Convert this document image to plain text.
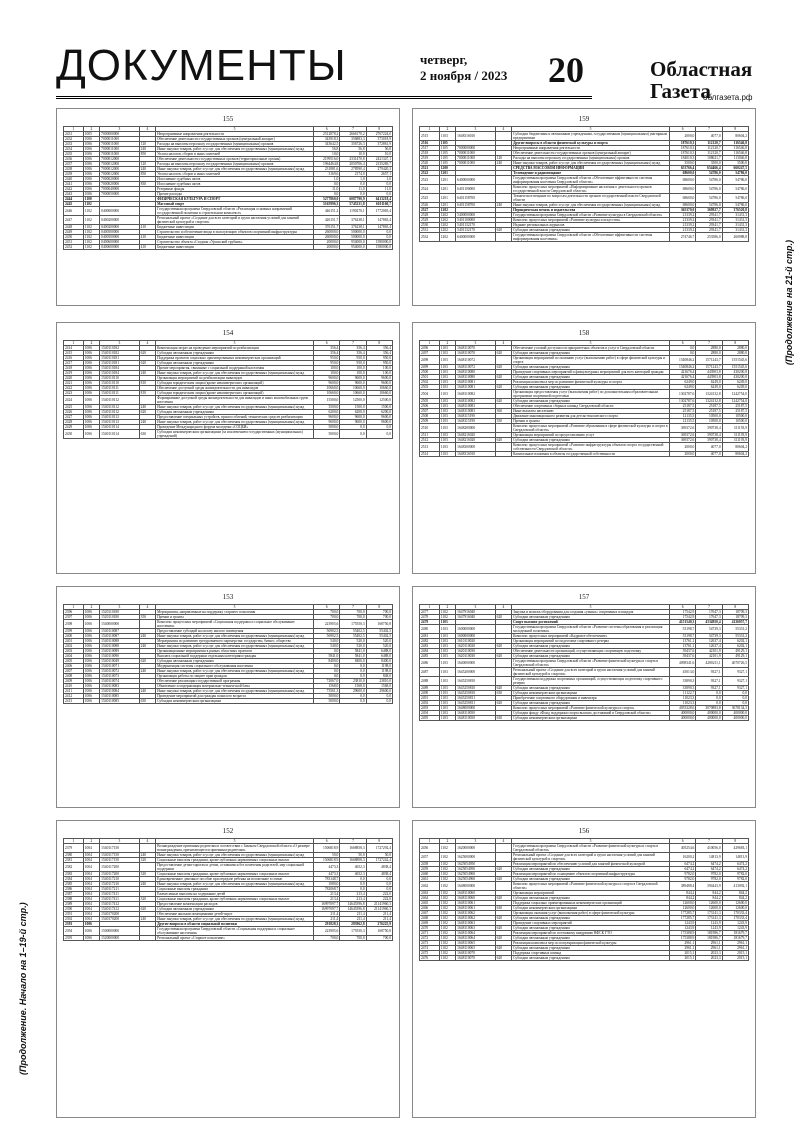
ДОКУМЕНТЫ	четверг,
2 ноября / 2023 20	Областная
Газета
облгазета.рф
(Продолжение на 21-й стр.)
(Продолжение. Начало на 1–19-й стр.)
155
1	2	3	4	5	6	7	8
2431	1005	7000000000		Непрограммные направления деятельности	2512878,2	2666170,2	2767224,0
2432	1006	7000011000		Обеспечение деятельности государственных органов (центральный аппарат)	343918,3	356883,3	373018,9
2433	1006	7000011000	120	Расходы на выплаты персоналу государственных (муниципальных) органов	343642,5	356726,3	372861,9
2434	1006	7000011000	240	Иные закупки товаров, работ и услуг для обеспечения государственных (муниципальных) нужд	56,8	56,8	56,8
2435	1006	7000011000	850	Уплата налогов, сборов и иных платежей	10,0	10,0	10,0
2436	1006	7000012000		Обеспечение деятельности государственных органов (территориальные органы)	2199516,0	2331470,8	2421347,1
2437	1006	7000012000	120	Расходы на выплаты персоналу государственных (муниципальных) органов	1964464,8	2050706,4	2135269,7
2438	1006	7000012000	240	Иные закупки товаров, работ и услуг для обеспечения государственных (муниципальных) нужд	231881,6	278590,4	279420,3
2439	1006	7000012000	850	Уплата налогов, сборов и иных платежей	3169,6	2174,0	2657,1
2440	1006	7000020000		Исполнение судебных актов	1,0	1,0	1,0
2441	1006	7000020000	830	Исполнение судебных актов	0,0	0,0	0,0
2442	1006	7000040000		Резервные фонды	11,0	11,0	11,0
2443	1006	7000050000		Прочие расходы	0,0	0,0	0,0
2444	1100			ФИЗИЧЕСКАЯ КУЛЬТУРА И СПОРТ	5277860,0	6087790,9	6413218,4
2445	1102			Массовый спорт	5165996,3	5745231,8	6101160,7
2446	1102	0400000000		Государственная программа Свердловской области «Реализация основных направлений государственной политики в строительном комплексе»	446151,2	1190270,1	1772065,4
2447	1102	0400200000		Региональный проект «Создание для всех категорий и групп населения условий для занятий физической культурой и спортом»	426151,7	376238,1	147865,4
2448	1102	0400200000	410	Бюджетные инвестиции	376151,7	376238,1	147865,4
2449	1102	0400500000		Строительство и обеспечение ввода в эксплуатацию объектов спортивной инфраструктуры	260000,0	500000,0	0,0
2450	1102	0400500000	410	Бюджетные инвестиции	260000,0	500000,0	0,0
2451	1102	0400600000		Строительство объекта «Стадион «Уральский трубник»	20000,0	954000,0	1580000,0
2452	1102	0400600000	410	Бюджетные инвестиции	20000,0	954000,0	1580000,0
159
1	2	3	4	5	6	7	8
2515	1103	1648316010		Субсидии бюджетным и автономным учреждениям, государственным (муниципальным) унитарным предприятиям	2000,0	4077,0	80604,2
2516	1105			Другие вопросы в области физической культуры и спорта	187610,3	112120,7	116546,8
2517	1105	7000000000		Непрограммные направления деятельности	187610,3	112120,7	116546,8
2518	1105	7000011000		Обеспечение деятельности государственных органов (центральный аппарат)	187610,3	112120,7	116546,8
2519	1105	7000011000	120	Расходы на выплаты персоналу государственных (муниципальных) органов	184010,3	108621,7	113046,8
2520	1105	7000011000	240	Иные закупки товаров, работ и услуг для обеспечения государственных (муниципальных) нужд	3500,0	3500,0	3500,0
2521	1200			СРЕДСТВА МАССОВОЙ ИНФОРМАЦИИ	653766,4	654466,4	660247,5
2522	1201			Телевидение и радиовещание	68600,0	54786,0	54786,0
2523	1201	6400000000		Государственная программа Свердловской области «Обеспечение эффективности системы информирования населения Свердловской области»	68600,0	54786,0	54786,0
2524	1201	6401100000		Комплекс процессных мероприятий «Информирование населения о деятельности органов государственной власти Свердловской области»	68600,0	54786,0	54786,0
2525	1201	6401158700		Техническое вещание по вопросам деятельности органов государственной власти Свердловской области	68600,0	54786,0	54786,0
2526	1201	6401158700	240	Иные закупки товаров, работ и услуг для обеспечения государственных (муниципальных) нужд	68600,0	54786,0	54786,0
2527	1202			Периодическая печать и издательства	365370,0	369927,7	376520,8
2528	1202	5400000000		Государственная программа Свердловской области «Развитие культуры в Свердловской области»	21339,2	29341,7	31431,3
2529	1202	5401100000		Комплекс процессных мероприятий «Развитие культуры и искусства»	21339,2	29341,7	31431,3
2530	1202	5401132170		Издание региональных журналов	21339,2	29341,7	31431,3
2531	1202	5401132170	620	Субсидии автономным учреждениям	21339,2	29341,7	31431,3
2532	1202	6400000000		Государственная программа Свердловской области «Обеспечение эффективности системы информирования населения»	274746,7	253586,0	260988,8
154
1	2	3	4	5	6	7	8
2414	1006	1540110182		Компенсация затрат на проведение мероприятий по реабилитации	356,4	356,4	356,4
2415	1006	1540110182	620	Субсидии автономным учреждениям	356,4	356,4	356,4
2416	1006	1540110181		Поддержка проектов социально ориентированных некоммерческих организаций	950,0	950,0	950,0
2417	1006	1540110181	620	Субсидии автономным учреждениям	950,0	950,0	950,0
2418	1006	1540110184		Прочие мероприятия, связанные с социальной поддержкой населения	100,0	100,0	100,0
2419	1006	1540110184	240	Иные закупки товаров, работ и услуг для обеспечения государственных (муниципальных) нужд	100,0	100,0	100,0
2420	1006	1540110110		Организация мероприятий по реабилитации инвалидов	9600,0	9600,0	9600,0
2421	1006	1540110110	810	Субсидии юридическим лицам (кроме некоммерческих организаций)	9600,0	9600,0	9600,0
2422	1006	1540110111		Обеспечение доступной среды жизнедеятельности для инвалидов	10660,0	10660,0	10660,0
2423	1006	1540110111	810	Субсидии юридическим лицам (кроме некоммерческих организаций)	10660,0	10660,0	10660,0
2424	1006	1540110112		Формирование доступной среды жизнедеятельности для инвалидов и иных маломобильных групп населения	15500,0	12500,0	12500,0
2425	1006	1540110112	240	Иные закупки товаров, работ и услуг для обеспечения государственных (муниципальных) нужд	3500,0	1500,0	1500,0
2426	1006	1540110112	620	Субсидии автономным учреждениям	6200,0	6200,0	6200,0
2427	1006	1540110113		Предоставление специальных устройств, приспособлений, технических средств реабилитации	9600,0	9600,0	9600,0
2428	1006	1540110113	240	Иные закупки товаров, работ и услуг для обеспечения государственных (муниципальных) нужд	9600,0	9600,0	9600,0
2429	1006	1540110114		Проведение Международного форума молодежи «СОЦБИ»	5000,0	0,0	0,0
2430	1006	1540110114	630	Субсидии некоммерческим организациям (за исключением государственных (муниципальных) учреждений)	5000,0	0,0	0,0
158
1	2	3	4	5	6	7	8
2496	1103	1648110070		Обеспечение условий доступности приоритетных объектов и услуг в Свердловской области	0,0	2880,0	2880,0
2497	1103	1648110070	620	Субсидии автономным учреждениям	0,0	2880,0	2880,0
2498	1103	1648110072		Организация мероприятий по оказанию услуг (выполнению работ) в сфере физической культуры и спорта	1540846,2	1571243,7	1551545,6
2499	1103	1648110072	620	Субсидии автономным учреждениям	1540846,2	1571243,7	1551545,6
2500	1103	1648110080		Проведение спортивных мероприятий и физкультурных мероприятий для всех категорий граждан	421676,4	443903,8	430200,8
2501	1103	1648110080	620	Субсидии автономным учреждениям	421676,4	443903,8	430200,8
2502	1103	1648110081		Реализация комплекса мер по развитию физической культуры и спорта	6249,0	6249,0	6249,0
2503	1103	1648110081	620	Субсидии автономным учреждениям	6249,0	6249,0	6249,0
2504	1103	1648110082		Организация предоставления услуг (выполнения работ) по дополнительным образовательным программам спортивной подготовки	1302787,6	1324132,8	1242754,0
2505	1103	1648110082	620	Субсидии автономным учреждениям	1302787,6	1324132,8	1242754,0
2506	1103	1648110083		Обеспечение спортивных сборных команд Свердловской области	25187,5	25187,5	25187,5
2507	1103	1648110083	360	Иные выплаты населению	25187,5	25187,5	25187,5
2508	1103	1648115190		Движение инновационного развития для детско-юношеского спорта	12135,5	10500,0	10500,0
2509	1103	1648115190	350	Премии и гранты	12135,5	10500,0	10500,0
2510	1103	1648200000		Комплекс процессных мероприятий «Развитие образования в сфере физической культуры и спорта в Свердловской области»	369372,6	390738,4	311193,9
2511	1103	1648216020		Организация мероприятий по предоставлению услуг	369372,6	390738,4	311193,9
2512	1103	1648216020	620	Субсидии автономным учреждениям	369372,6	390738,4	311193,9
2513	1103	1648300000		Комплекс процессных мероприятий «Развитие инфраструктуры объектов спорта государственной собственности Свердловской области»	2000,0	4077,0	80604,2
2514	1103	1648316010		Капитальные вложения в объекты государственной собственности	2000,0	4077,0	80604,2
153
1	2	3	4	5	6	7	8
2396	1006	1520110180		Мероприятия, направленные на поддержку старшего поколения	700,0	700,0	700,0
2397	1006	1520110180	350	Премии и гранты	700,0	700,0	700,0
2398	1006	1540000000		Комплекс процессных мероприятий «Социальная поддержка и социальное обслуживание населения»	223905,6	175550,3	168750,8
2399	1006	1540110087		Предоставление субсидий на оплату жилого помещения	56902,5	55402,5	55402,5
2400	1006	1540110087	240	Иные закупки товаров, работ и услуг для обеспечения государственных (муниципальных) нужд	56902,5	55402,5	55402,5
2401	1006	1540110088		Мероприятия по развитию трехуровневого партнерства: государство, бизнес, общество	540,0	520,0	520,0
2402	1006	1540110088	240	Иные закупки товаров, работ и услуг для обеспечения государственных (муниципальных) нужд	540,0	520,0	520,0
2403	1006	1540110089		Организационные мероприятия в рамках областных проектов	0,0	5841,0	6488,0
2404	1006	1540110090		Выплата социальной поддержки отдельным категориям граждан	5841,0	5841,0	6488,0
2405	1006	1540110049	620	Субсидии автономным учреждениям	8400,0	8400,0	8400,0
2406	1006	1540110071		Модернизация системы социального обслуживания населения	0,0	0,0	1198,0
2407	1006	1540110072	240	Иные закупки товаров, работ и услуг для обеспечения государственных (муниципальных) нужд	0,0	0,0	1198,0
2408	1006	1540110073		Организация работы по защите прав граждан	0,0	0,0	848,0
2409	1006	1540110074		Обеспечение реализации государственной программы	72067,0	23810,0	23810,0
2410	1006	1540110083		Обновление и модернизация материально-технической базы	1568,0	1568,0	1568,0
2411	1006	1540110084	240	Иные закупки товаров, работ и услуг для обеспечения государственных (муниципальных) нужд	73561,3	29600,0	29600,0
2412	1006	1540110085		Проведение мероприятий для граждан пожилого возраста	5000,0	0,0	0,0
2413	1006	1540110085	630	Субсидии некоммерческим организациям	5000,0	0,0	0,0
157
1	2	3	4	5	6	7	8
2477	1102	1647916040		Закупка и монтаж оборудования для создания «умных» спортивных площадок	17542,9	17647,3	18709,3
2478	1102	1647916040	620	Субсидии автономным учреждениям	17542,9	17647,3	18709,3
2479	1103			Спорт высших достижений	4151540,3	4334950,4	4126057,7
2480	1103	1600000000		Государственная программа Свердловской области «Развитие системы образования и реализация молодежной политики»	53198,7	54739,3	55331,2
2481	1103	1600000000		Комплекс процессных мероприятий «Кадровое обеспечение»	53198,7	54739,3	55331,2
2482	1103	1610110020		Организация мероприятий по подготовке спортивного резерва	13761,1	12637,4	6202,1
2483	1103	1620110020	620	Субсидии автономным учреждениям	13761,1	12637,4	6202,1
2484	1103	1620110030		Обеспечение деятельности организаций, осуществляющих спортивную подготовку	39437,6	42101,9	49129,1
2485	1103	1620110030	620	Субсидии автономным учреждениям	39437,6	42101,9	49129,1
2486	1103	1640000000		Государственная программа Свердловской области «Развитие физической культуры и спорта в Свердловской области»	4098341,6	4280211,1	4070726,5
2487	1103	1645200000		Региональный проект «Создание для всех категорий и групп населения условий для занятий физической культурой и спортом»	45013,0	9327,1	9327,1
2488	1103	1645250810		Государственная поддержка спортивных организаций, осуществляющих подготовку спортивного резерва	33890,3	9327,1	9327,1
2489	1103	1645250810	620	Субсидии автономным учреждениям	33890,3	9327,1	9327,1
2490	1103	1645250810	630	Субсидии некоммерческим организациям	11122,7	0,0	0,0
2491	1103	1645250811		Приобретение спортивного оборудования и инвентаря	11023,3	0,0	0,0
2492	1103	1645250811	620	Субсидии автономным учреждениям	11023,3	0,0	0,0
2493	1103	1648000000		Комплекс процессных мероприятий «Развитие физической культуры и спорта»	4053328,6	3070883,8	3678134,3
2494	1103	1648110050		Субсидии фонду «Фонд поддержки спорта высших достижений в Свердловской области»	400000,0	400000,0	400000,0
2495	1103	1648110050	630	Субсидии некоммерческим организациям	400000,0	400000,0	400000,0
152
1	2	3	4	5	6	7	8
2379	1004	1540117150		Вознаграждение приемным родителям в соответствии с Законом Свердловской области «О размере вознаграждения, причитающегося приемным родителям»	1506818,9	1668858,3	1727292,4
2380	1004	1540117150	240	Иные закупки товаров, работ и услуг для обеспечения государственных (муниципальных) нужд	50,0	50,0	50,0
2381	1004	1540117150	320	Социальные выплаты гражданам, кроме публичных нормативных социальных выплат	1506818,9	1668808,3	1727242,4
2382	1004	1540117200		Предоставление детям-сиротам и детям, оставшимся без попечения родителей, мер социальной поддержки	4473,3	4652,3	4838,4
2383	1004	1540117200	320	Социальные выплаты гражданам, кроме публичных нормативных социальных выплат	4473,3	4652,3	4838,4
2384	1004	1540117210		Единовременное денежное пособие при передаче ребенка на воспитание в семью	783148,7	0,0	0,0
2385	1004	1540117210	240	Иные закупки товаров, работ и услуг для обеспечения государственных (муниципальных) нужд	1080,0	0,0	0,0
2386	1004	1540117211		Социальные выплаты гражданам	782068,7	0,0	0,0
2387	1004	1540117411		Ежемесячные выплаты на содержание детей	213,4	213,4	222,0
2388	1004	1540117411	320	Социальные выплаты гражданам, кроме публичных нормативных социальных выплат	213,4	213,4	222,0
2389	1004	1540117412		Предоставление компенсации расходов	16997097,7	14645396,8	21141960,3
2390	1004	1540117412	620	Субсидии автономным учреждениям	16997097,7	14645396,8	21141960,3
2391	1004	1540170200		Обеспечение жилыми помещениями детей-сирот	211,4	211,4	211,4
2392	1004	1540170200	240	Иные закупки товаров, работ и услуг для обеспечения государственных (муниципальных) нужд	211,4	211,4	211,4
2393	1006			Другие вопросы в области социальной политики	291828,3	283962,8	276225,9
2394	1006	1500000000		Государственная программа Свердловской области «Социальная поддержка и социальное обслуживание населения»	223905,6	175550,3	168750,8
2395	1006	1520000000		Региональный проект «Старшее поколение»	700,0	700,0	700,0
156
1	2	3	4	5	6	7	8
2456	1102	1620000000		Государственная программа Свердловской области «Развитие физической культуры и спорта в Свердловской области»	405254,6	410056,0	429683,1
2457	1102	1625000000		Региональный проект «Создание для всех категорий и групп населения условий для занятий физической культурой и спортом»	16200,2	14813,9	14813,9
2458	1102	1625054950		Реализация мероприятий по обеспечению условий для занятий физической культурой	6474,2	6474,2	6474,2
2459	1102	1625054950	620	Субсидии автономным учреждениям	6474,2	6474,2	6474,2
2460	1102	1625054960		Реализация мероприятий по оснащению объектов спортивной инфраструктуры	9782,0	9782,0	9782,0
2461	1102	1625054960	620	Субсидии автономным учреждениям	9782,0	9782,0	9782,0
2462	1102	1648000000		Комплекс процессных мероприятий «Развитие физической культуры и спорта в Свердловской области»	389488,4	394443,9	413092,1
2463	1102	1648110060		Организация мероприятий	844,2	844,2	844,2
2464	1102	1648110060	620	Субсидии автономным учреждениям	844,2	844,2	844,2
2465	1102	1648110061		Поддержка социально ориентированных некоммерческих организаций	12600,0	12600,0	12600,0
2466	1102	1648110061	630	Субсидии некоммерческим организациям	12600,0	12600,0	12600,0
2467	1102	1648110062		Организация оказания услуг (выполнения работ) в сфере физической культуры	177285,7	173141,3	170333,4
2468	1102	1648110062	620	Субсидии автономным учреждениям	177285,7	173141,3	170333,4
2469	1102	1648110063		Проведение спортивных мероприятий	1243,9	1243,9	1243,9
2470	1102	1648110063	620	Субсидии автономным учреждениям	1243,9	1243,9	1243,9
2471	1102	1648110064		Реализация мероприятий по поэтапному внедрению ВФСК ГТО	175388,9	181986,7	181679,7
2472	1102	1648110064	620	Субсидии автономным учреждениям	175388,9	181986,7	181679,7
2473	1102	1648110065		Реализация комплекса мер по популяризации физической культуры	2961,1	2961,1	2961,1
2474	1102	1648110065	620	Субсидии автономным учреждениям	2961,1	2961,1	2961,1
2475	1102	1648110070		Поддержка спортивных команд	2015,1	2023,3	2015,1
2476	1102	1648110070	620	Субсидии автономным учреждениям	2015,1	2023,3	2015,1
